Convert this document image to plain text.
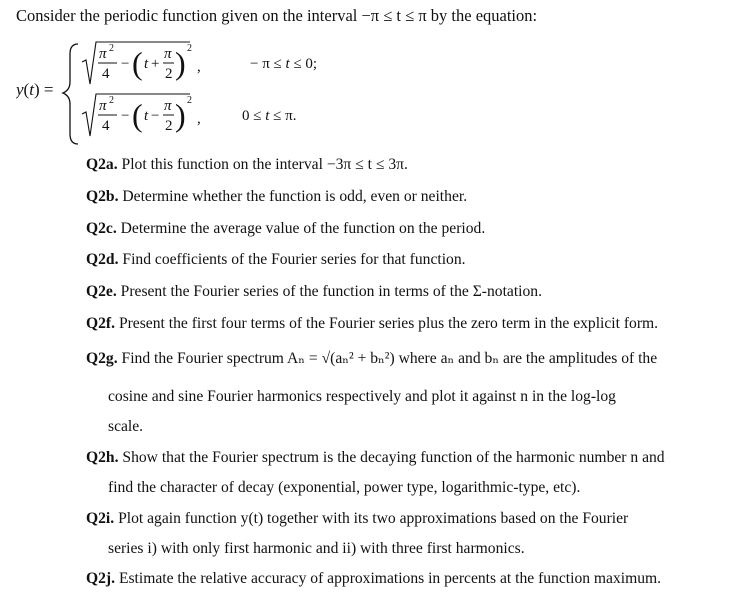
Consider the periodic function given on the interval −π ≤ t ≤ π by the equation:
y(t) =
π 2
4
− ( t +
π
2 ) 2
,	− π ≤ t ≤ 0;
π 2
4
− ( t −
π
2 ) 2
,	0 ≤ t ≤ π.
Q2a. Plot this function on the interval −3π ≤ t ≤ 3π.
Q2b. Determine whether the function is odd, even or neither.
Q2c. Determine the average value of the function on the period.
Q2d. Find coefficients of the Fourier series for that function.
Q2e. Present the Fourier series of the function in terms of the Σ-notation.
Q2f. Present the first four terms of the Fourier series plus the zero term in the explicit form.
Q2g. Find the Fourier spectrum Aₙ = √(aₙ² + bₙ²) where aₙ and bₙ are the amplitudes of the
cosine and sine Fourier harmonics respectively and plot it against n in the log-log
scale.
Q2h. Show that the Fourier spectrum is the decaying function of the harmonic number n and
find the character of decay (exponential, power type, logarithmic-type, etc).
Q2i. Plot again function y(t) together with its two approximations based on the Fourier
series i) with only first harmonic and ii) with three first harmonics.
Q2j. Estimate the relative accuracy of approximations in percents at the function maximum.
